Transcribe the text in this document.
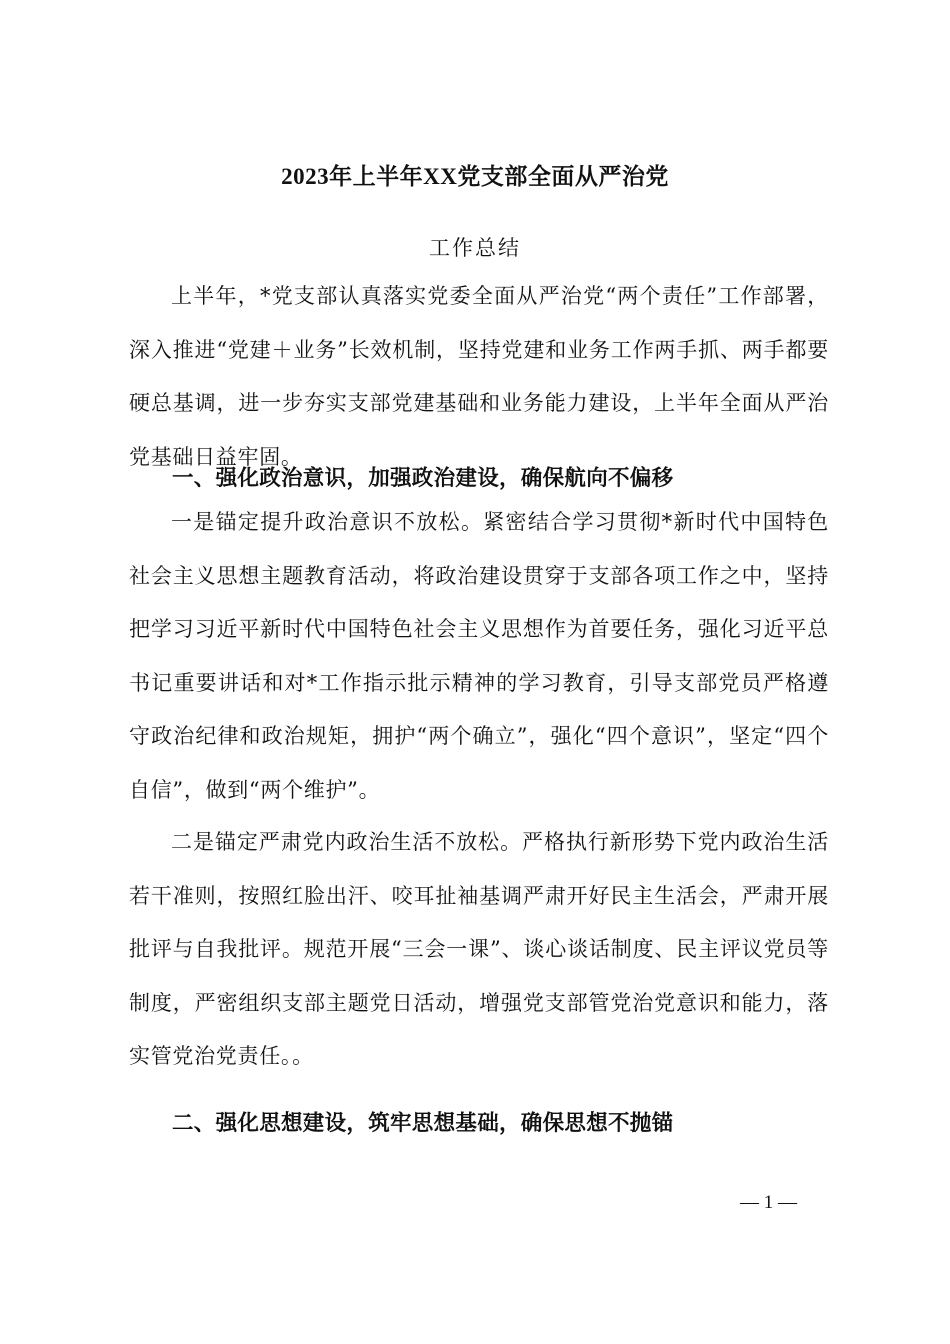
2023年上半年XX党支部全面从严治党
工作总结
上半年，*党支部认真落实党委全面从严治党“两个责任”工作部署，深入推进“党建＋业务”长效机制，坚持党建和业务工作两手抓、两手都要硬总基调，进一步夯实支部党建基础和业务能力建设，上半年全面从严治党基础日益牢固。
一、强化政治意识，加强政治建设，确保航向不偏移
一是锚定提升政治意识不放松。紧密结合学习贯彻*新时代中国特色社会主义思想主题教育活动，将政治建设贯穿于支部各项工作之中，坚持把学习习近平新时代中国特色社会主义思想作为首要任务，强化习近平总书记重要讲话和对*工作指示批示精神的学习教育，引导支部党员严格遵守政治纪律和政治规矩，拥护“两个确立”，强化“四个意识”，坚定“四个自信”，做到“两个维护”。
二是锚定严肃党内政治生活不放松。严格执行新形势下党内政治生活若干准则，按照红脸出汗、咬耳扯袖基调严肃开好民主生活会，严肃开展批评与自我批评。规范开展“三会一课”、谈心谈话制度、民主评议党员等制度，严密组织支部主题党日活动，增强党支部管党治党意识和能力，落实管党治党责任。。
二、强化思想建设，筑牢思想基础，确保思想不抛锚
— 1 —
